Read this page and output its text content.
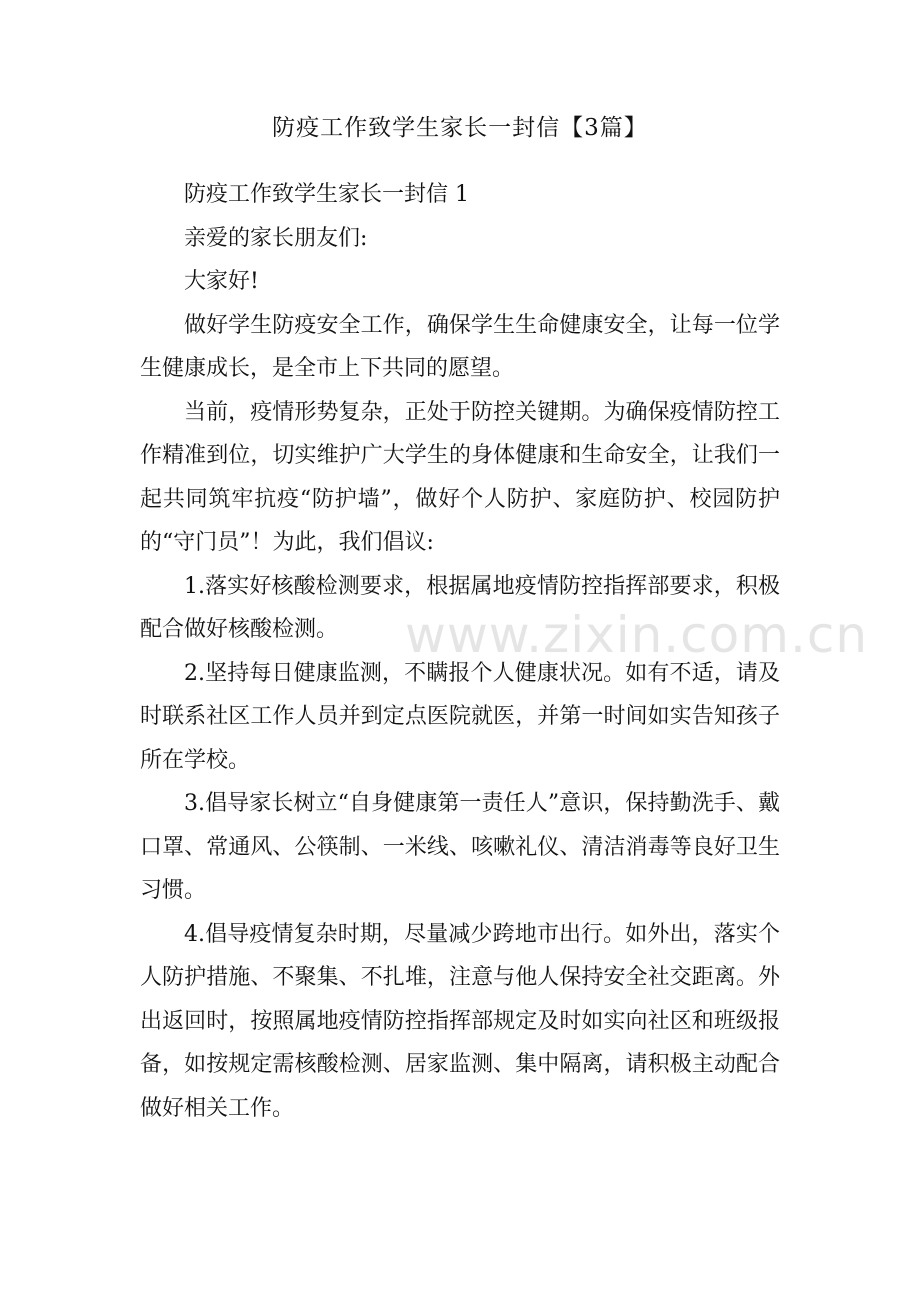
防疫工作致学生家长一封信【3篇】

防疫工作致学生家长一封信 1

亲爱的家长朋友们:

大家好!

做好学生防疫安全工作，确保学生生命健康安全，让每一位学生健康成长，是全市上下共同的愿望。

当前，疫情形势复杂，正处于防控关键期。为确保疫情防控工作精准到位，切实维护广大学生的身体健康和生命安全，让我们一起共同筑牢抗疫“防护墙”，做好个人防护、家庭防护、校园防护的“守门员”！为此，我们倡议:

1.落实好核酸检测要求，根据属地疫情防控指挥部要求，积极配合做好核酸检测。

2.坚持每日健康监测，不瞒报个人健康状况。如有不适，请及时联系社区工作人员并到定点医院就医，并第一时间如实告知孩子所在学校。

3.倡导家长树立“自身健康第一责任人”意识，保持勤洗手、戴口罩、常通风、公筷制、一米线、咳嗽礼仪、清洁消毒等良好卫生习惯。

4.倡导疫情复杂时期，尽量减少跨地市出行。如外出，落实个人防护措施、不聚集、不扎堆，注意与他人保持安全社交距离。外出返回时，按照属地疫情防控指挥部规定及时如实向社区和班级报备，如按规定需核酸检测、居家监测、集中隔离，请积极主动配合做好相关工作。

www.zixin.com.cn
